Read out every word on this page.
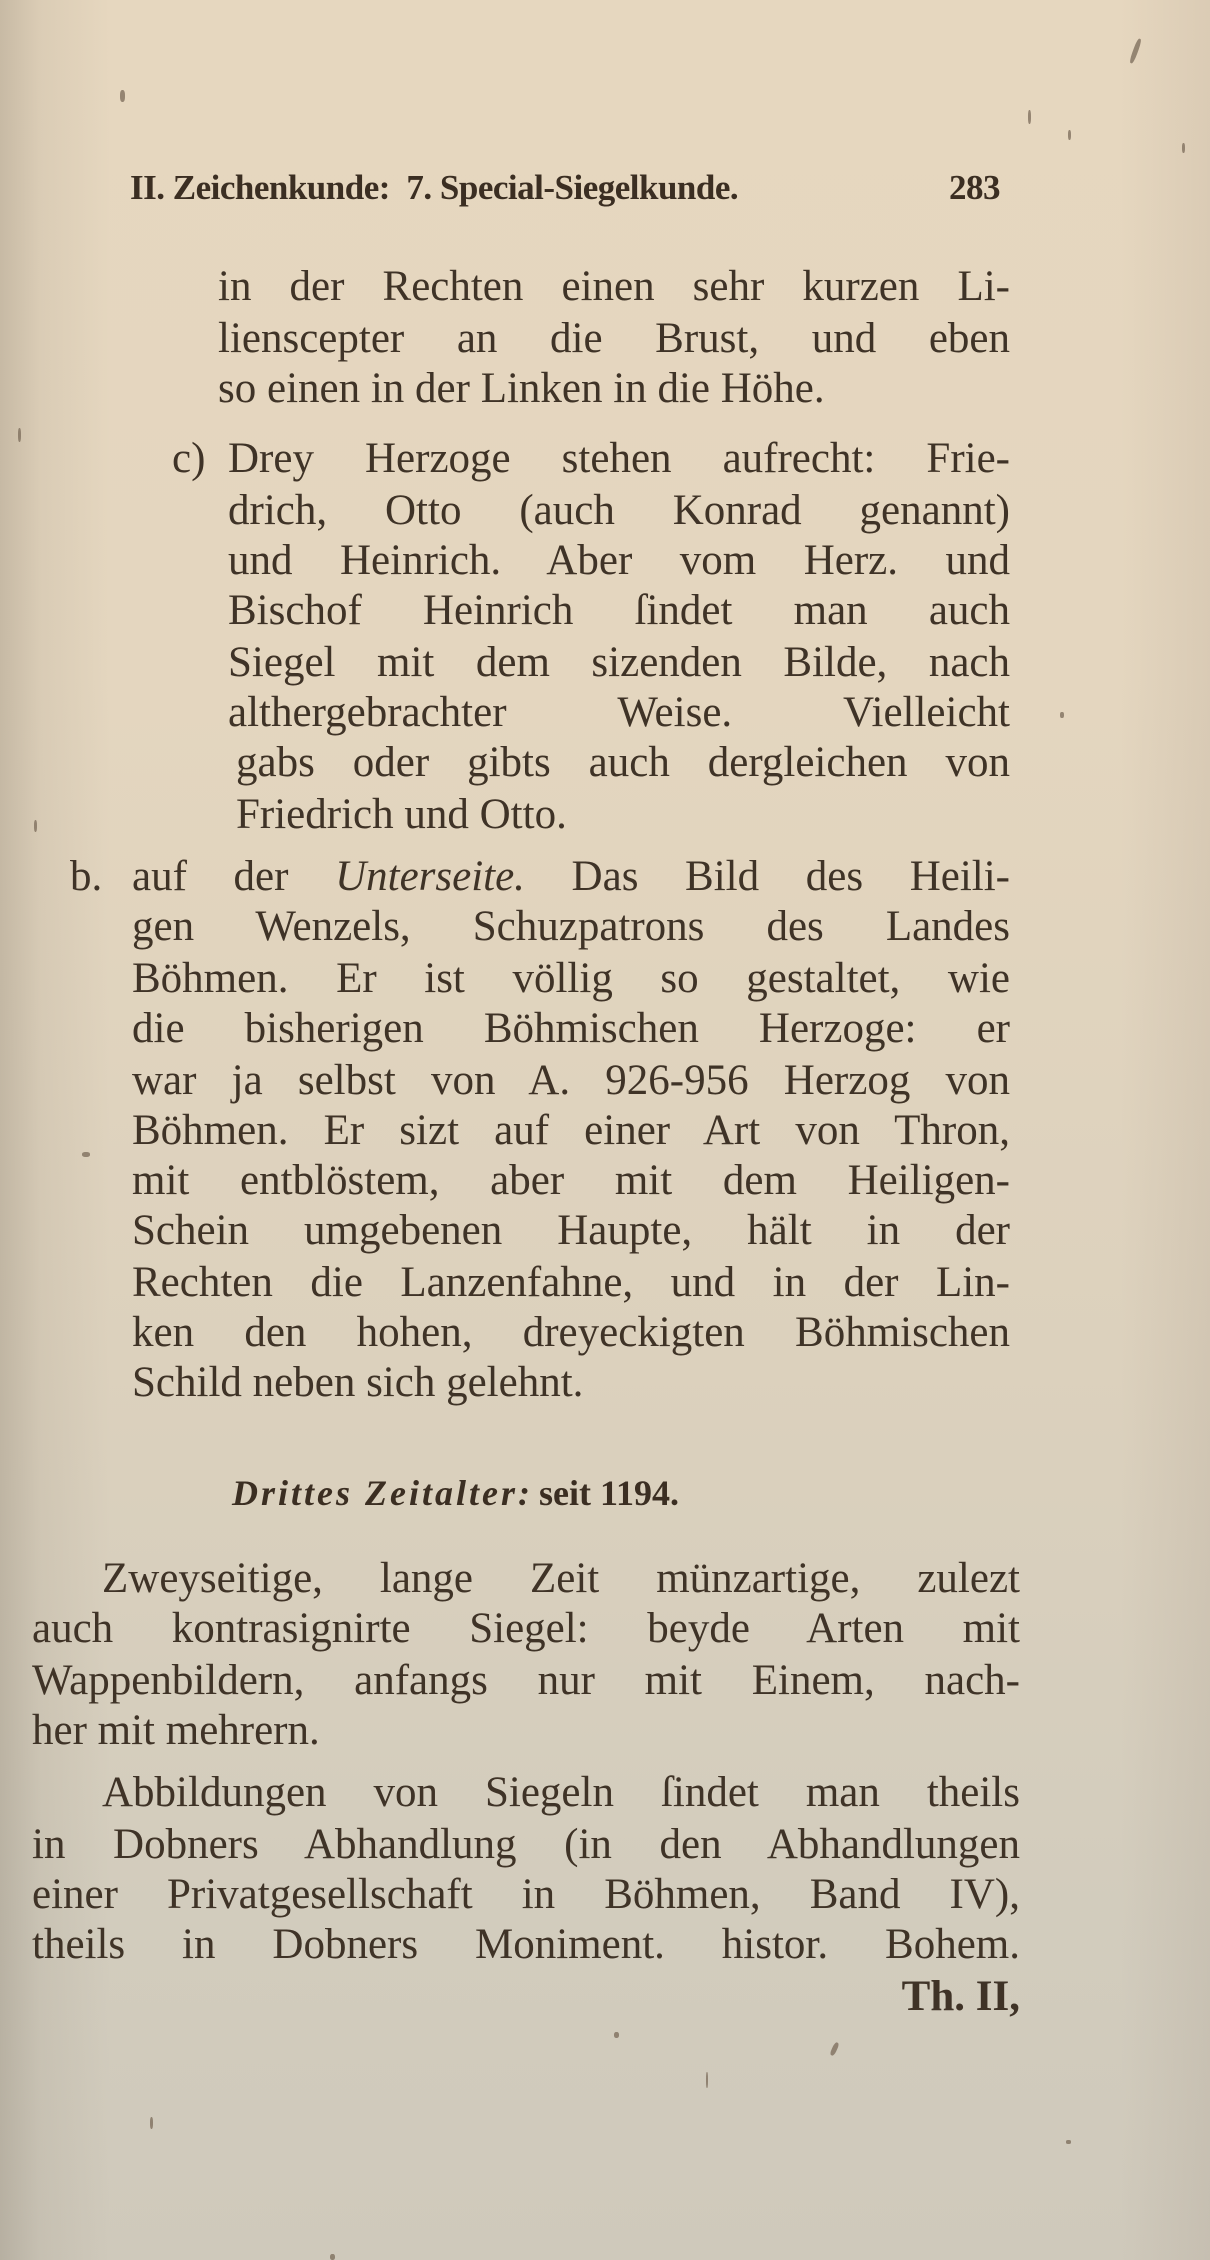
II. Zeichenkunde:  7. Special-Siegelkunde.	283
in der Rechten einen sehr kurzen Li-
lienscepter an die Brust, und eben
so einen in der Linken in die Höhe.
c) Drey Herzoge stehen aufrecht: Frie-
drich, Otto (auch Konrad genannt)
und Heinrich. Aber vom Herz. und
Bischof Heinrich ſindet man auch
Siegel mit dem sizenden Bilde, nach
althergebrachter Weise. Vielleicht
gabs oder gibts auch dergleichen von
Friedrich und Otto.
b. auf der Unterseite. Das Bild des Heili-
gen Wenzels, Schuzpatrons des Landes
Böhmen. Er ist völlig so gestaltet, wie
die bisherigen Böhmischen Herzoge: er
war ja selbst von A. 926-956 Herzog von
Böhmen. Er sizt auf einer Art von Thron,
mit entblöstem, aber mit dem Heiligen-
Schein umgebenen Haupte, hält in der
Rechten die Lanzenfahne, und in der Lin-
ken den hohen, dreyeckigten Böhmischen
Schild neben sich gelehnt.
Drittes Zeitalter: seit 1194.
Zweyseitige, lange Zeit münzartige, zulezt
auch kontrasignirte Siegel: beyde Arten mit
Wappenbildern, anfangs nur mit Einem, nach-
her mit mehrern.
Abbildungen von Siegeln ſindet man theils
in Dobners Abhandlung (in den Abhandlungen
einer Privatgesellschaft in Böhmen, Band IV),
theils in Dobners Moniment. histor. Bohem.
Th. II,
